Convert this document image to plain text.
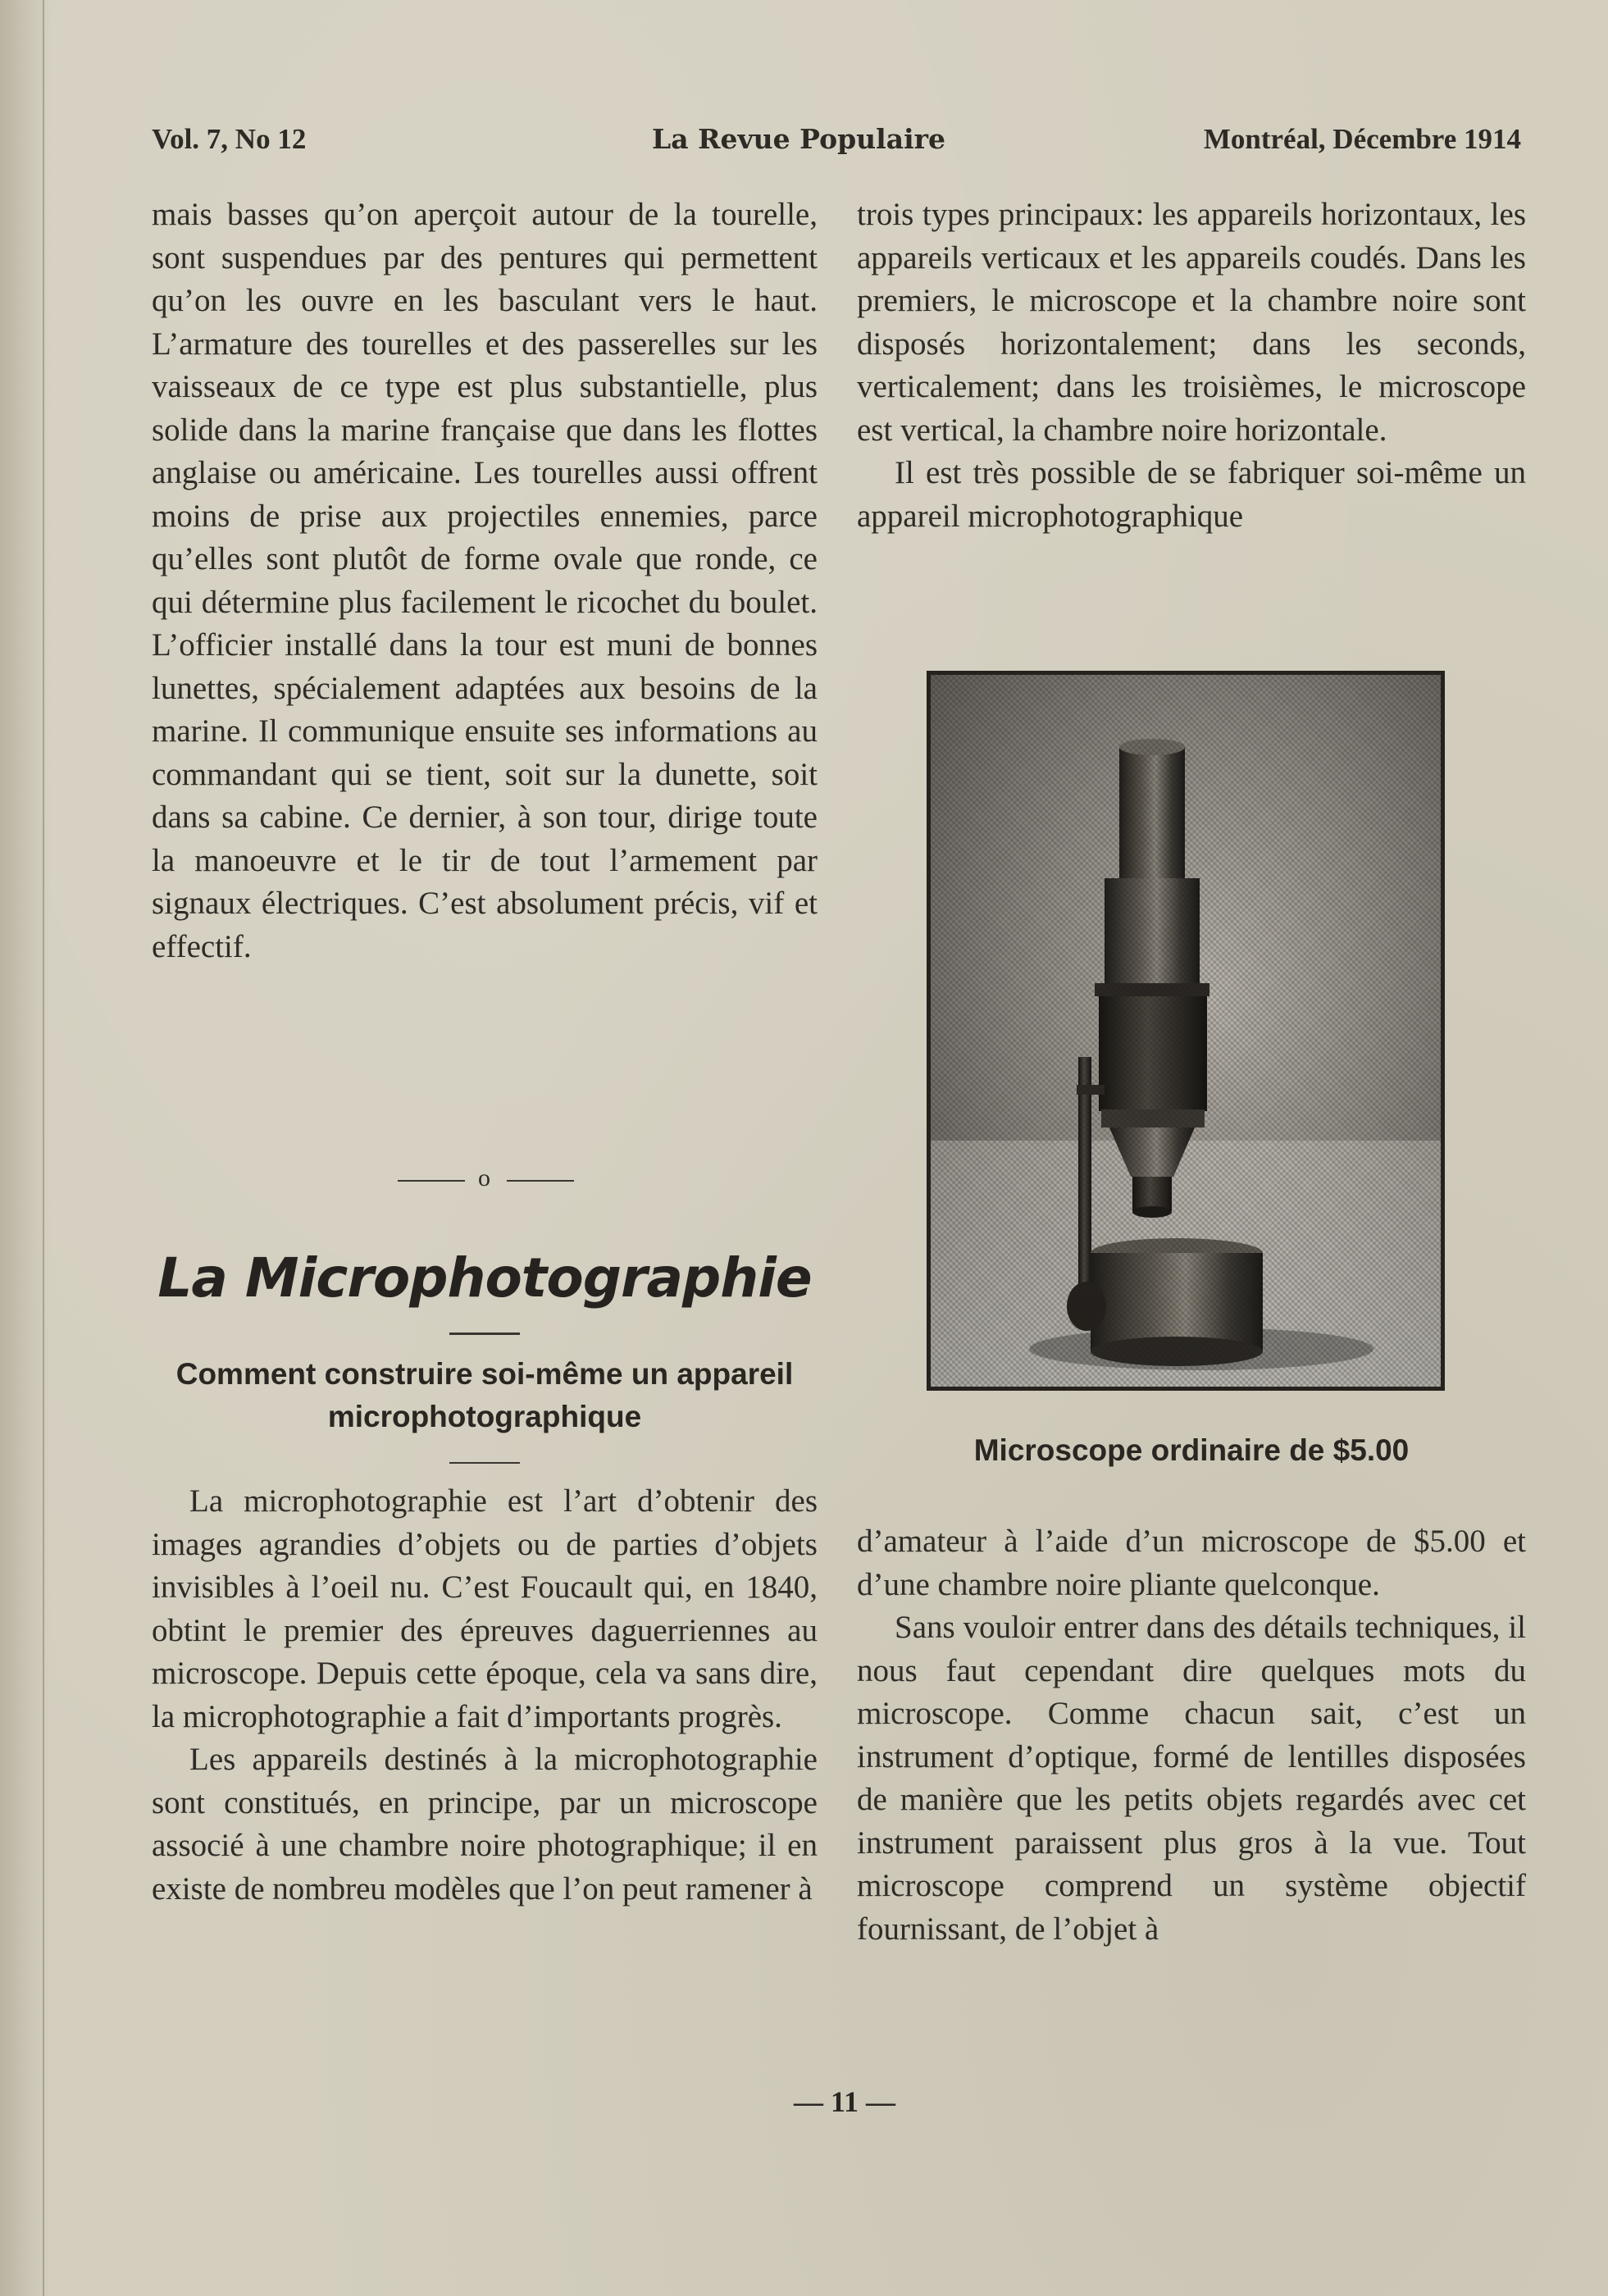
Vol. 7, No 12	La Revue Populaire	Montréal, Décembre 1914

mais basses qu’on aperçoit autour de la tourelle, sont suspendues par des pentures qui permettent qu’on les ouvre en les basculant vers le haut. L’armature des tourelles et des passerelles sur les vaisseaux de ce type est plus substantielle, plus solide dans la marine française que dans les flottes anglaise ou américaine. Les tourelles aussi offrent moins de prise aux projectiles ennemies, parce qu’elles sont plutôt de forme ovale que ronde, ce qui détermine plus facilement le ricochet du boulet. L’officier installé dans la tour est muni de bonnes lunettes, spécialement adaptées aux besoins de la marine. Il communique ensuite ses informations au commandant qui se tient, soit sur la dunette, soit dans sa cabine. Ce dernier, à son tour, dirige toute la manoeuvre et le tir de tout l’armement par signaux électriques. C’est absolument précis, vif et effectif.

o
La Microphotographie
Comment construire soi-même un appareil microphotographique

La microphotographie est l’art d’obtenir des images agrandies d’objets ou de parties d’objets invisibles à l’oeil nu. C’est Foucault qui, en 1840, obtint le premier des épreuves daguerriennes au microscope. Depuis cette époque, cela va sans dire, la microphotographie a fait d’importants progrès.

Les appareils destinés à la microphotographie sont constitués, en principe, par un microscope associé à une chambre noire photographique; il en existe de nombreu modèles que l’on peut ramener à

trois types principaux: les appareils horizontaux, les appareils verticaux et les appareils coudés. Dans les premiers, le microscope et la chambre noire sont disposés horizontalement; dans les seconds, verticalement; dans les troisièmes, le microscope est vertical, la chambre noire horizontale.

Il est très possible de se fabriquer soi-même un appareil microphotographique

Microscope ordinaire de $5.00

d’amateur à l’aide d’un microscope de $5.00 et d’une chambre noire pliante quelconque.

Sans vouloir entrer dans des détails techniques, il nous faut cependant dire quelques mots du microscope. Comme chacun sait, c’est un instrument d’optique, formé de lentilles disposées de manière que les petits objets regardés avec cet instrument paraissent plus gros à la vue. Tout microscope comprend un système objectif fournissant, de l’objet à

— 11 —
